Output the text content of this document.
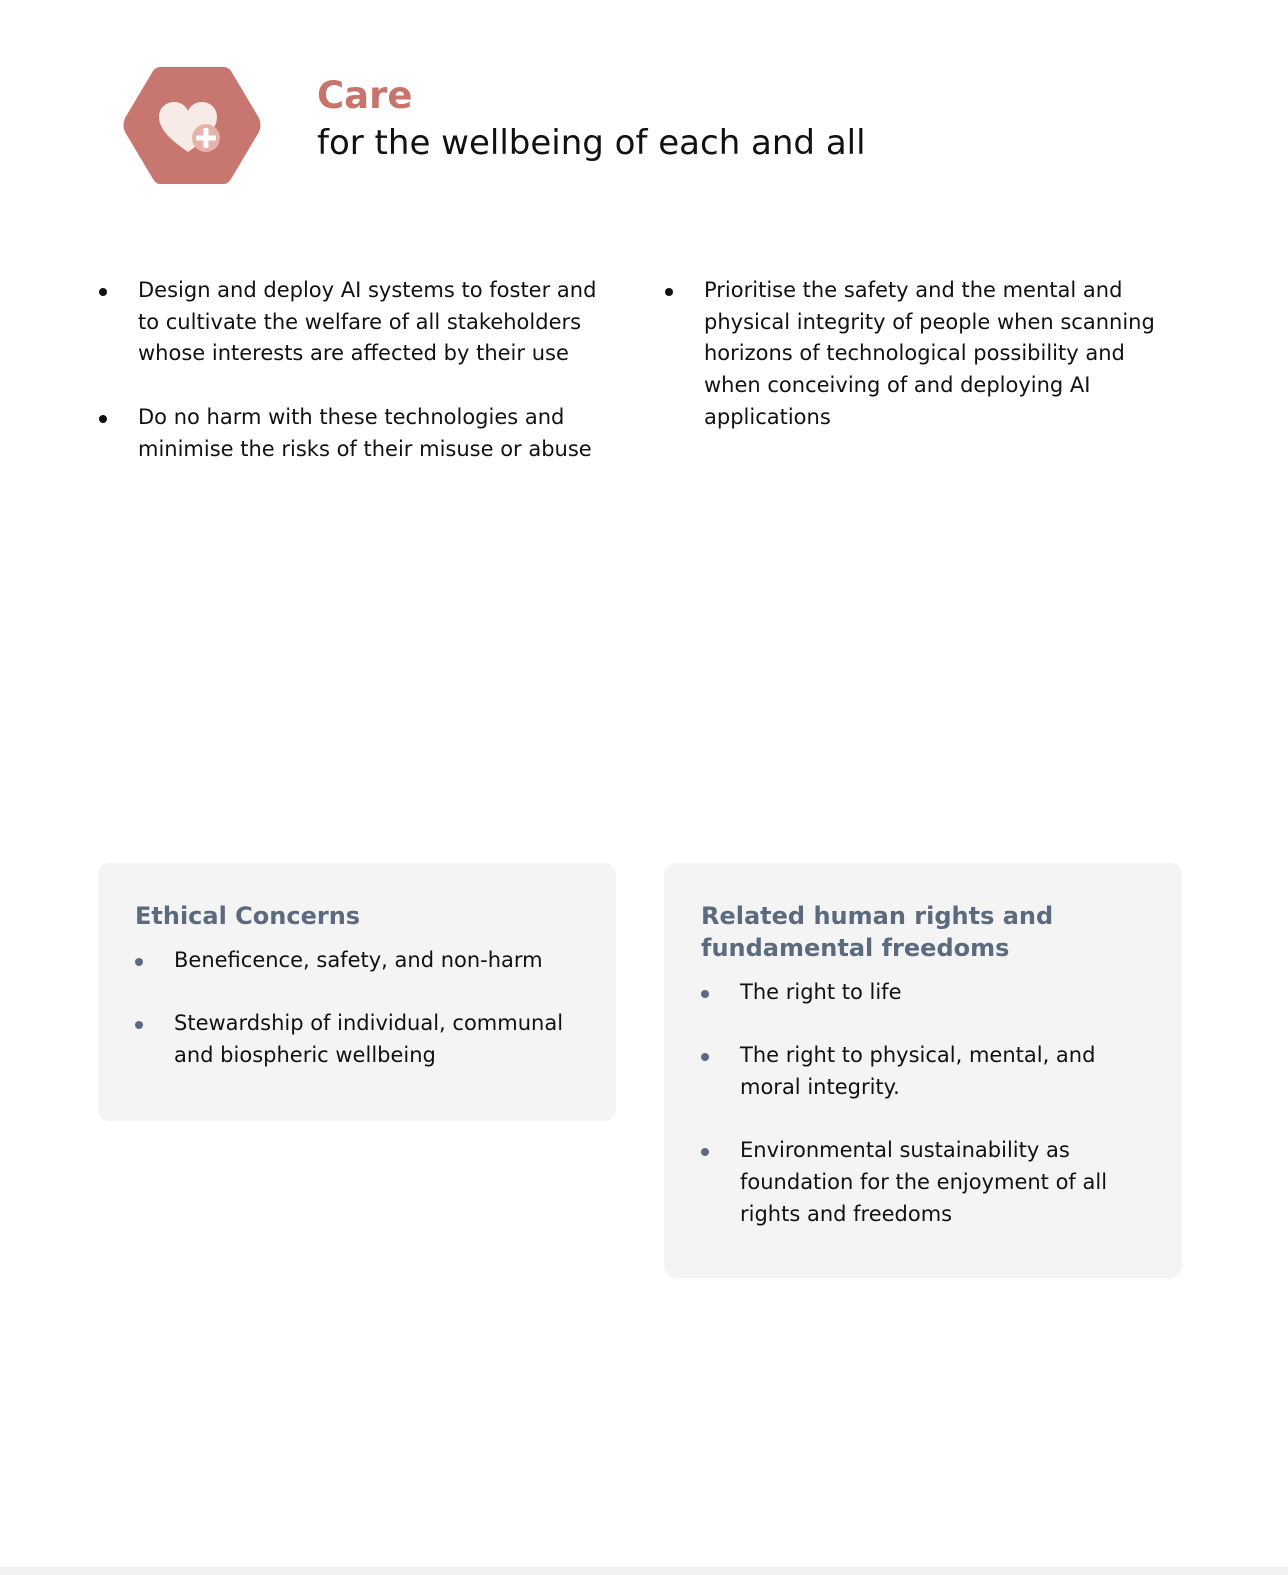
Care
for the wellbeing of each and all
Design and deploy AI systems to foster and to cultivate the welfare of all stakeholders whose interests are affected by their use
Do no harm with these technologies and minimise the risks of their misuse or abuse
Prioritise the safety and the mental and physical integrity of people when scanning horizons of technological possibility and when conceiving of and deploying AI applications
Ethical Concerns
Beneficence, safety, and non-harm
Stewardship of individual, communal and biospheric wellbeing
Related human rights and fundamental freedoms
The right to life
The right to physical, mental, and moral integrity.
Environmental sustainability as foundation for the enjoyment of all rights and freedoms
